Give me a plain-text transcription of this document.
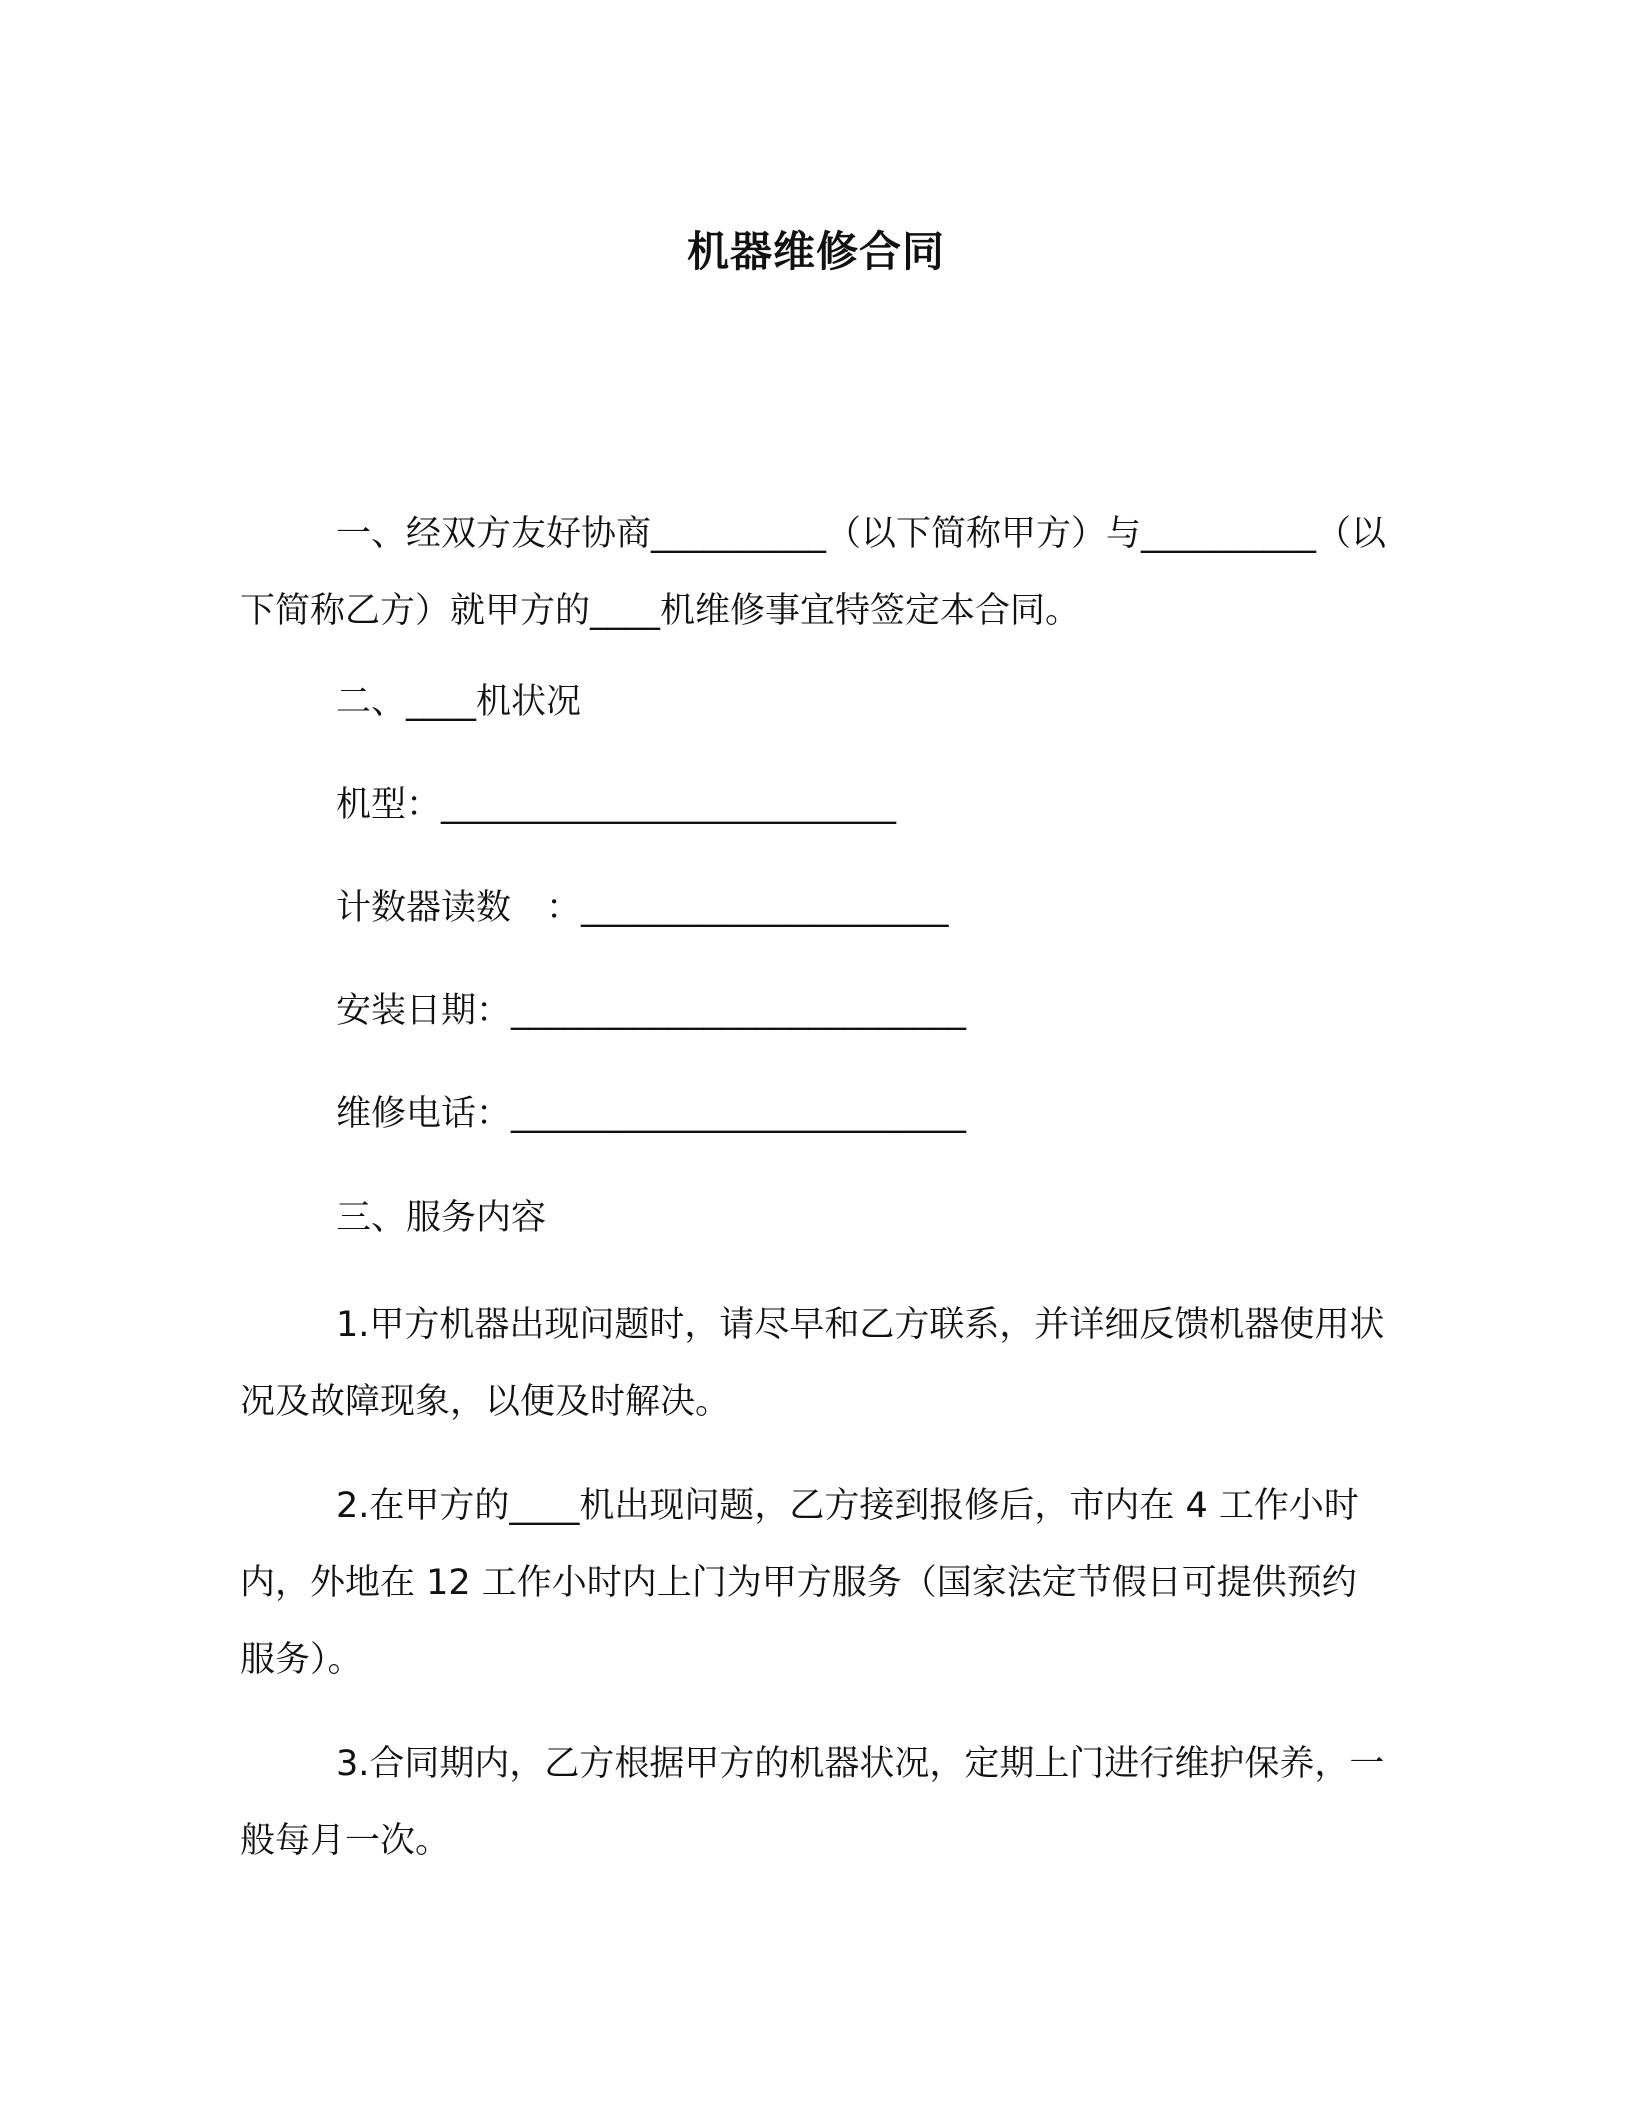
机器维修合同

一、经双方友好协商__________（以下简称甲方）与__________（以下简称乙方）就甲方的____机维修事宜特签定本合同。

二、____机状况
机型：__________________________
计数器读数　：_____________________
安装日期：__________________________
维修电话：__________________________
三、服务内容

1.甲方机器出现问题时，请尽早和乙方联系，并详细反馈机器使用状况及故障现象，以便及时解决。

2.在甲方的____机出现问题，乙方接到报修后，市内在 4 工作小时内，外地在 12 工作小时内上门为甲方服务（国家法定节假日可提供预约服务）。

3.合同期内，乙方根据甲方的机器状况，定期上门进行维护保养，一般每月一次。
